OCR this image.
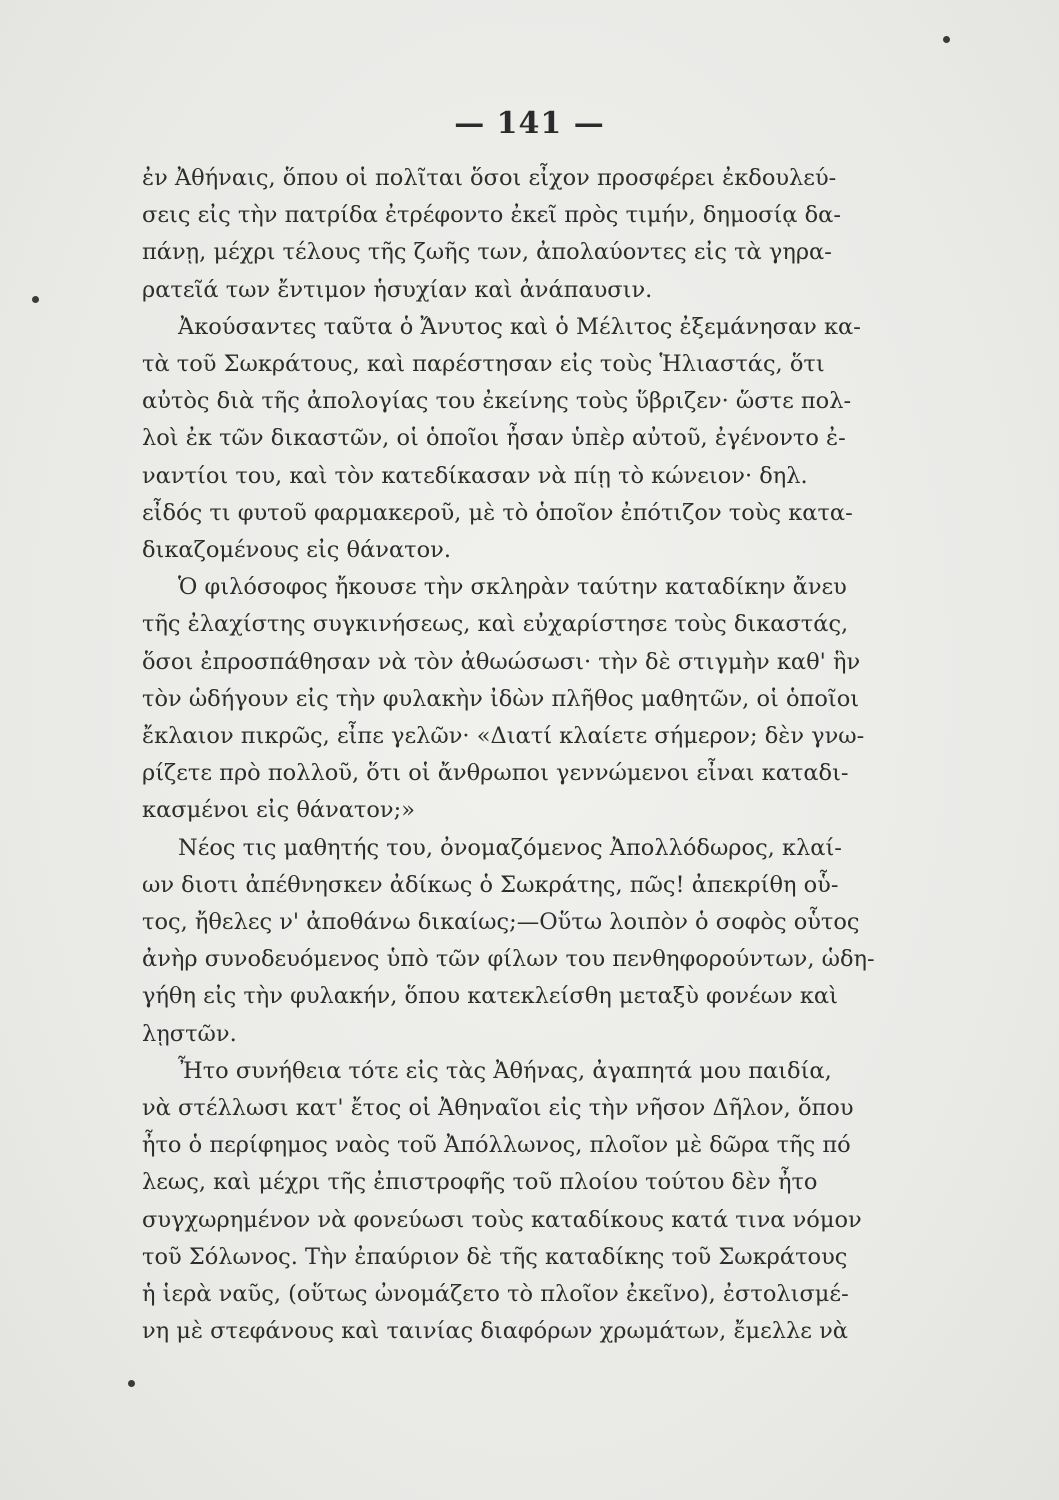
— 141 —
ἐν Ἀθήναις, ὅπου οἱ πολῖται ὅσοι εἶχον προσφέρει ἐκδουλεύ-
σεις εἰς τὴν πατρίδα ἐτρέφοντο ἐκεῖ πρὸς τιμήν, δημοσίᾳ δα-
πάνῃ, μέχρι τέλους τῆς ζωῆς των, ἀπολαύοντες εἰς τὰ γηρα-
ρατεῖά των ἔντιμον ἡσυχίαν καὶ ἀνάπαυσιν.
Ἀκούσαντες ταῦτα ὁ Ἄνυτος καὶ ὁ Μέλιτος ἐξεμάνησαν κα-
τὰ τοῦ Σωκράτους, καὶ παρέστησαν εἰς τοὺς Ἡλιαστάς, ὅτι
αὐτὸς διὰ τῆς ἀπολογίας του ἐκείνης τοὺς ὕβριζεν· ὥστε πολ-
λοὶ ἐκ τῶν δικαστῶν, οἱ ὁποῖοι ἦσαν ὑπὲρ αὐτοῦ, ἐγένοντο ἐ-
ναντίοι του, καὶ τὸν κατεδίκασαν νὰ πίῃ τὸ κώνειον· δηλ.
εἶδός τι φυτοῦ φαρμακεροῦ, μὲ τὸ ὁποῖον ἐπότιζον τοὺς κατα-
δικαζομένους εἰς θάνατον.
Ὁ φιλόσοφος ἤκουσε τὴν σκληρὰν ταύτην καταδίκην ἄνευ
τῆς ἐλαχίστης συγκινήσεως, καὶ εὐχαρίστησε τοὺς δικαστάς,
ὅσοι ἐπροσπάθησαν νὰ τὸν ἀθωώσωσι· τὴν δὲ στιγμὴν καθ' ἣν
τὸν ὡδήγουν εἰς τὴν φυλακὴν ἰδὼν πλῆθος μαθητῶν, οἱ ὁποῖοι
ἔκλαιον πικρῶς, εἶπε γελῶν· «Διατί κλαίετε σήμερον; δὲν γνω-
ρίζετε πρὸ πολλοῦ, ὅτι οἱ ἄνθρωποι γεννώμενοι εἶναι καταδι-
κασμένοι εἰς θάνατον;»
Νέος τις μαθητής του, ὀνομαζόμενος Ἀπολλόδωρος, κλαί-
ων διοτι ἀπέθνησκεν ἀδίκως ὁ Σωκράτης, πῶς! ἀπεκρίθη οὗ-
τος, ἤθελες ν' ἀποθάνω δικαίως;—Οὕτω λοιπὸν ὁ σοφὸς οὗτος
ἀνὴρ συνοδευόμενος ὑπὸ τῶν φίλων του πενθηφορούντων, ὡδη-
γήθη εἰς τὴν φυλακήν, ὅπου κατεκλείσθη μεταξὺ φονέων καὶ
λῃστῶν.
Ἦτο συνήθεια τότε εἰς τὰς Ἀθήνας, ἀγαπητά μου παιδία,
νὰ στέλλωσι κατ' ἔτος οἱ Ἀθηναῖοι εἰς τὴν νῆσον Δῆλον, ὅπου
ἦτο ὁ περίφημος ναὸς τοῦ Ἀπόλλωνος, πλοῖον μὲ δῶρα τῆς πό
λεως, καὶ μέχρι τῆς ἐπιστροφῆς τοῦ πλοίου τούτου δὲν ἦτο
συγχωρημένον νὰ φονεύωσι τοὺς καταδίκους κατά τινα νόμον
τοῦ Σόλωνος. Τὴν ἐπαύριον δὲ τῆς καταδίκης τοῦ Σωκράτους
ἡ ἱερὰ ναῦς, (οὕτως ὠνομάζετο τὸ πλοῖον ἐκεῖνο), ἐστολισμέ-
νη μὲ στεφάνους καὶ ταινίας διαφόρων χρωμάτων, ἔμελλε νὰ
